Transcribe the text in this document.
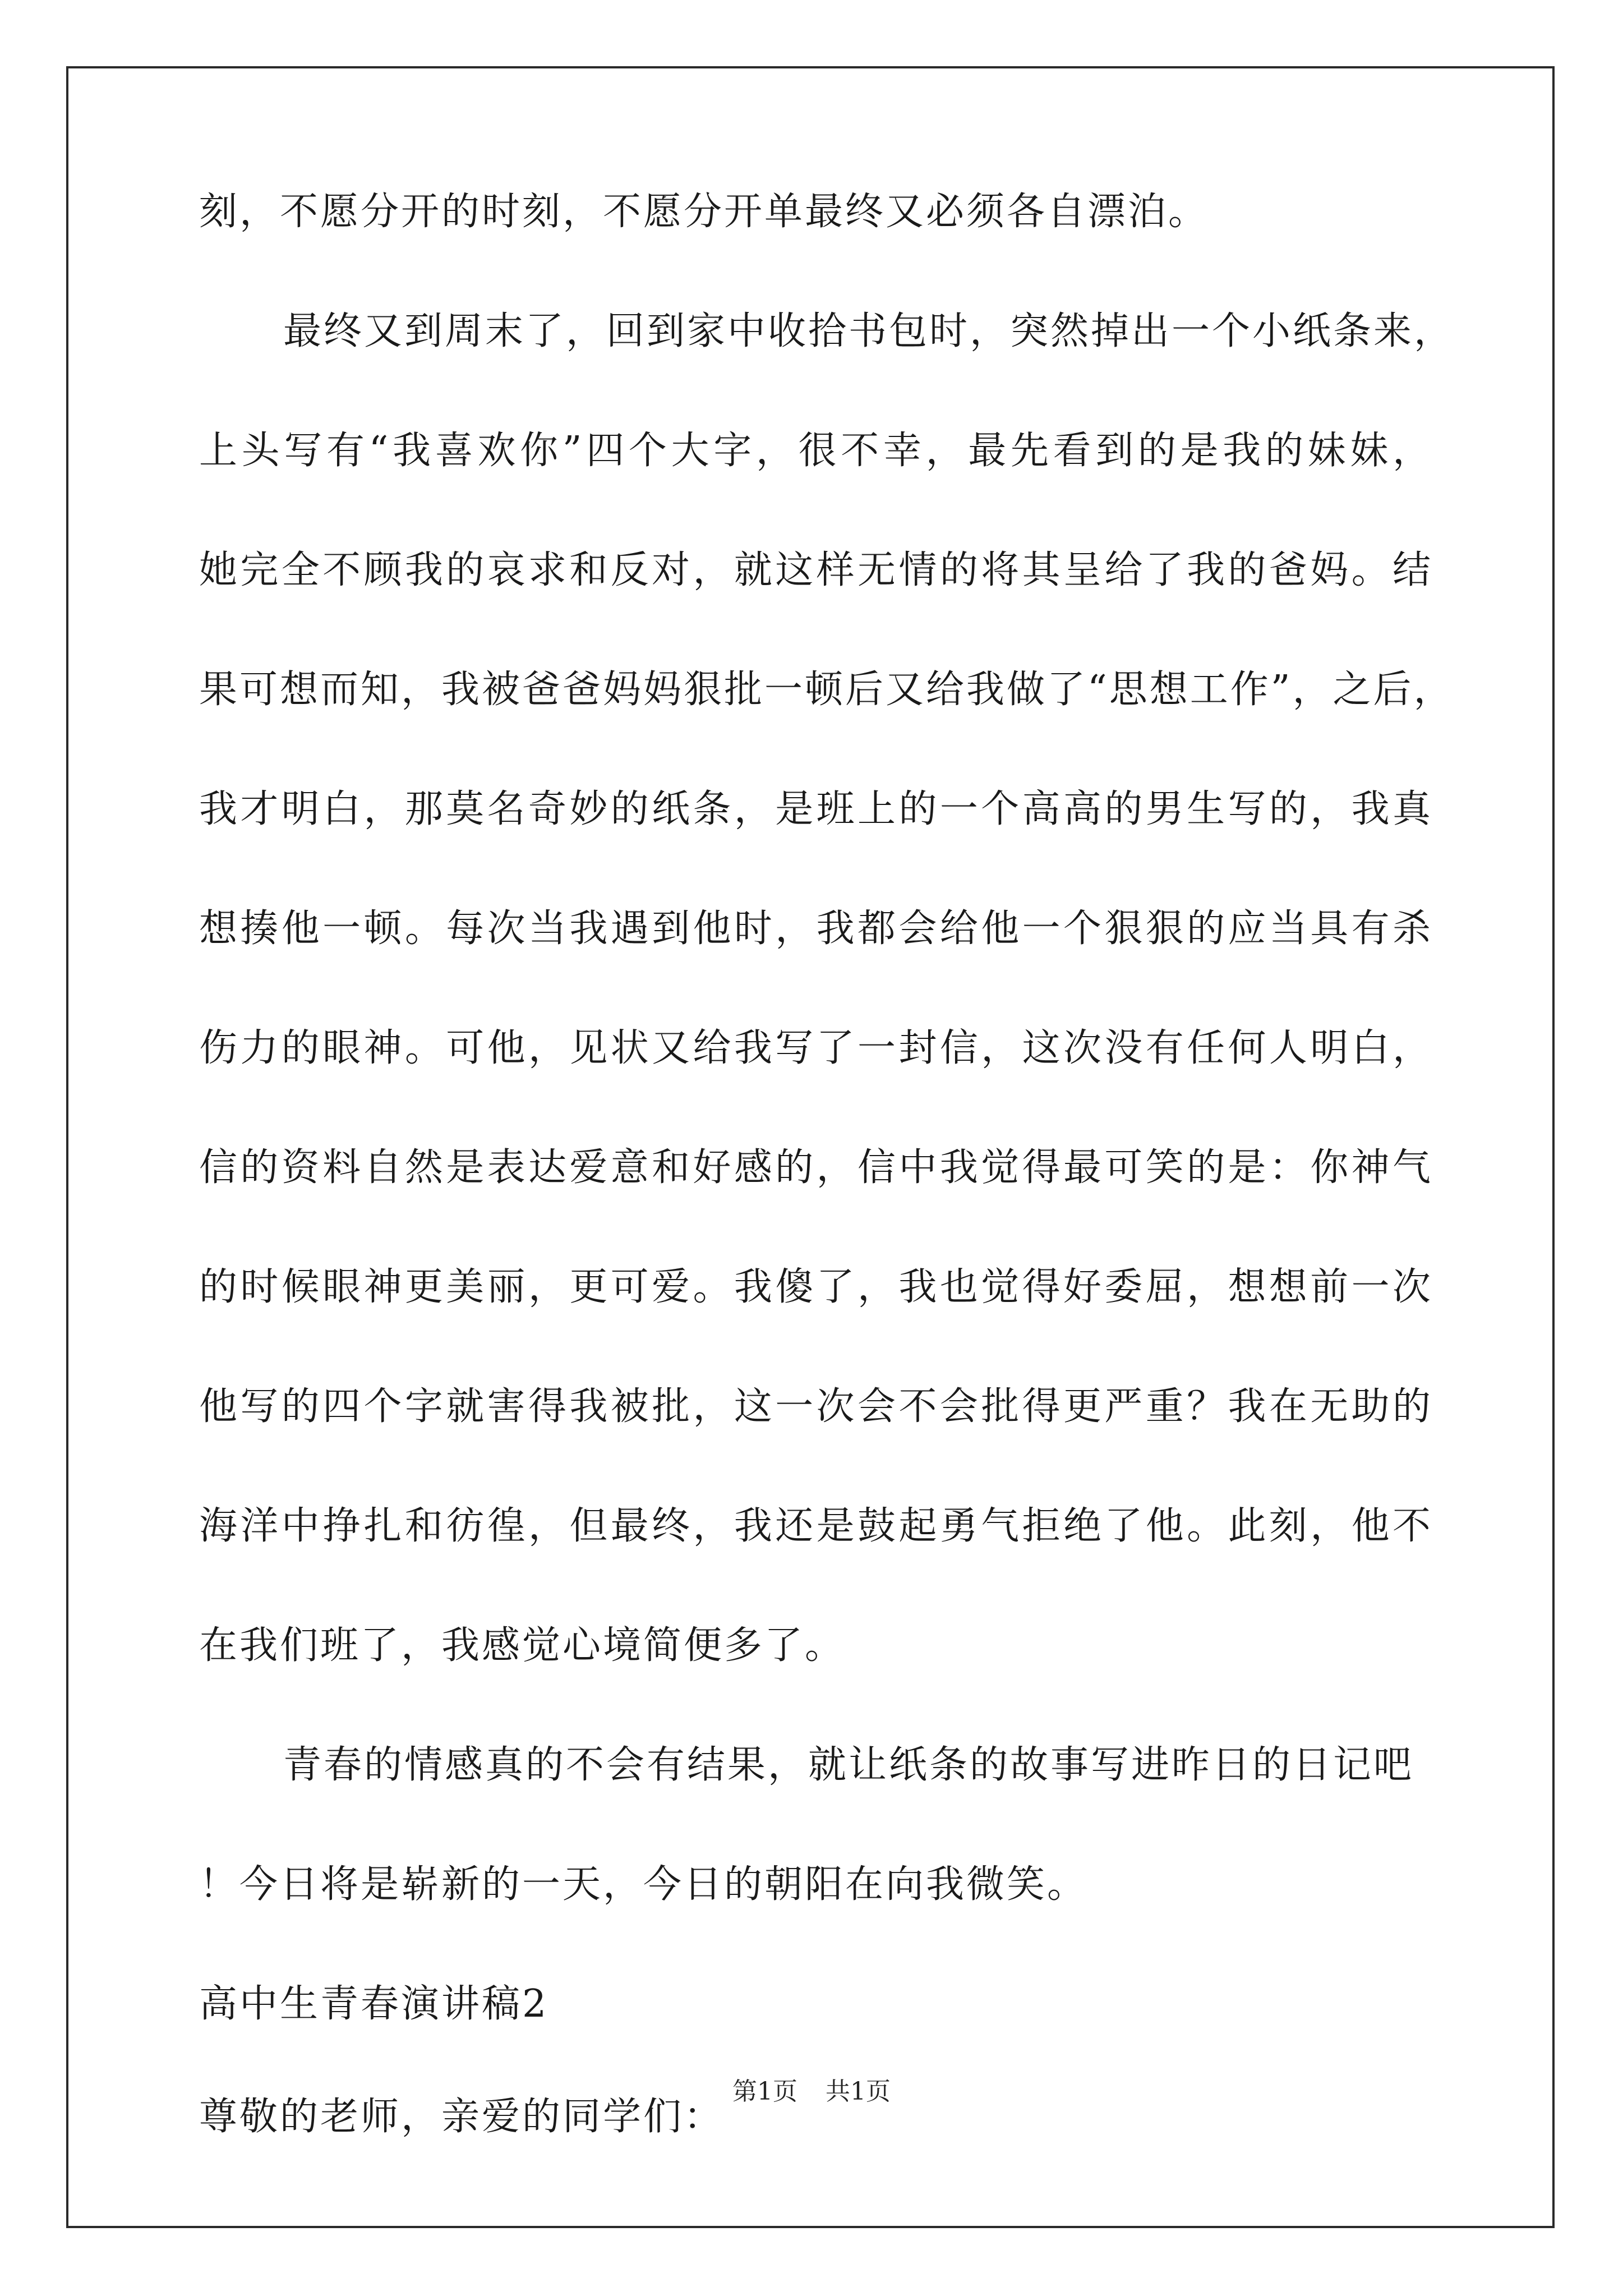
刻，不愿分开的时刻，不愿分开单最终又必须各自漂泊。
最终又到周末了，回到家中收拾书包时，突然掉出一个小纸条来，
上头写有“我喜欢你”四个大字，很不幸，最先看到的是我的妹妹，
她完全不顾我的哀求和反对，就这样无情的将其呈给了我的爸妈。结
果可想而知，我被爸爸妈妈狠批一顿后又给我做了“思想工作”，之后，
我才明白，那莫名奇妙的纸条，是班上的一个高高的男生写的，我真
想揍他一顿。每次当我遇到他时，我都会给他一个狠狠的应当具有杀
伤力的眼神。可他，见状又给我写了一封信，这次没有任何人明白，
信的资料自然是表达爱意和好感的，信中我觉得最可笑的是：你神气
的时候眼神更美丽，更可爱。我傻了，我也觉得好委屈，想想前一次
他写的四个字就害得我被批，这一次会不会批得更严重？我在无助的
海洋中挣扎和彷徨，但最终，我还是鼓起勇气拒绝了他。此刻，他不
在我们班了，我感觉心境简便多了。
青春的情感真的不会有结果，就让纸条的故事写进昨日的日记吧
！今日将是崭新的一天，今日的朝阳在向我微笑。
高中生青春演讲稿2
尊敬的老师，亲爱的同学们：
第1页 共1页
